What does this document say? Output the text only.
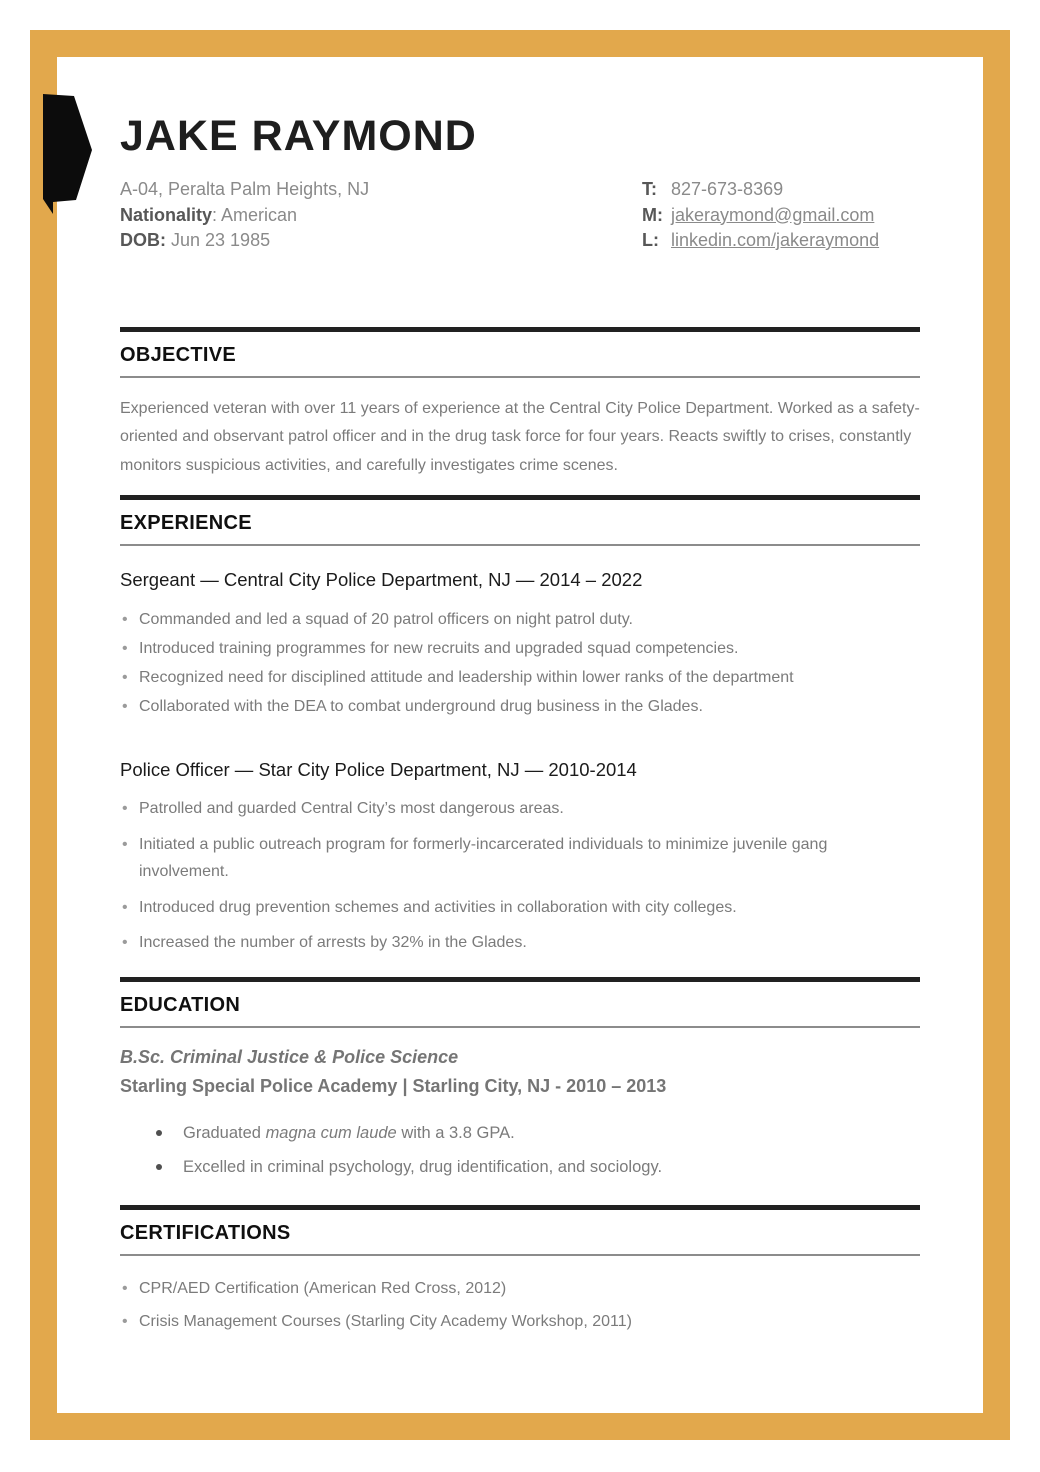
JAKE RAYMOND
A-04, Peralta Palm Heights, NJ
Nationality: American
DOB: Jun 23 1985
T: 827-673-8369
M: jakeraymond@gmail.com
L: linkedin.com/jakeraymond
OBJECTIVE

Experienced veteran with over 11 years of experience at the Central City Police Department. Worked as a safety-oriented and observant patrol officer and in the drug task force for four years. Reacts swiftly to crises, constantly monitors suspicious activities, and carefully investigates crime scenes.

EXPERIENCE
Sergeant — Central City Police Department, NJ — 2014 – 2022
• Commanded and led a squad of 20 patrol officers on night patrol duty.
• Introduced training programmes for new recruits and upgraded squad competencies.
• Recognized need for disciplined attitude and leadership within lower ranks of the department
• Collaborated with the DEA to combat underground drug business in the Glades.
Police Officer — Star City Police Department, NJ — 2010-2014
• Patrolled and guarded Central City’s most dangerous areas.
• Initiated a public outreach program for formerly-incarcerated individuals to minimize juvenile gang involvement.
• Introduced drug prevention schemes and activities in collaboration with city colleges.
• Increased the number of arrests by 32% in the Glades.
EDUCATION

B.Sc. Criminal Justice & Police Science

Starling Special Police Academy | Starling City, NJ - 2010 – 2013

Graduated magna cum laude with a 3.8 GPA.
Excelled in criminal psychology, drug identification, and sociology.
CERTIFICATIONS
• CPR/AED Certification (American Red Cross, 2012)
• Crisis Management Courses (Starling City Academy Workshop, 2011)
